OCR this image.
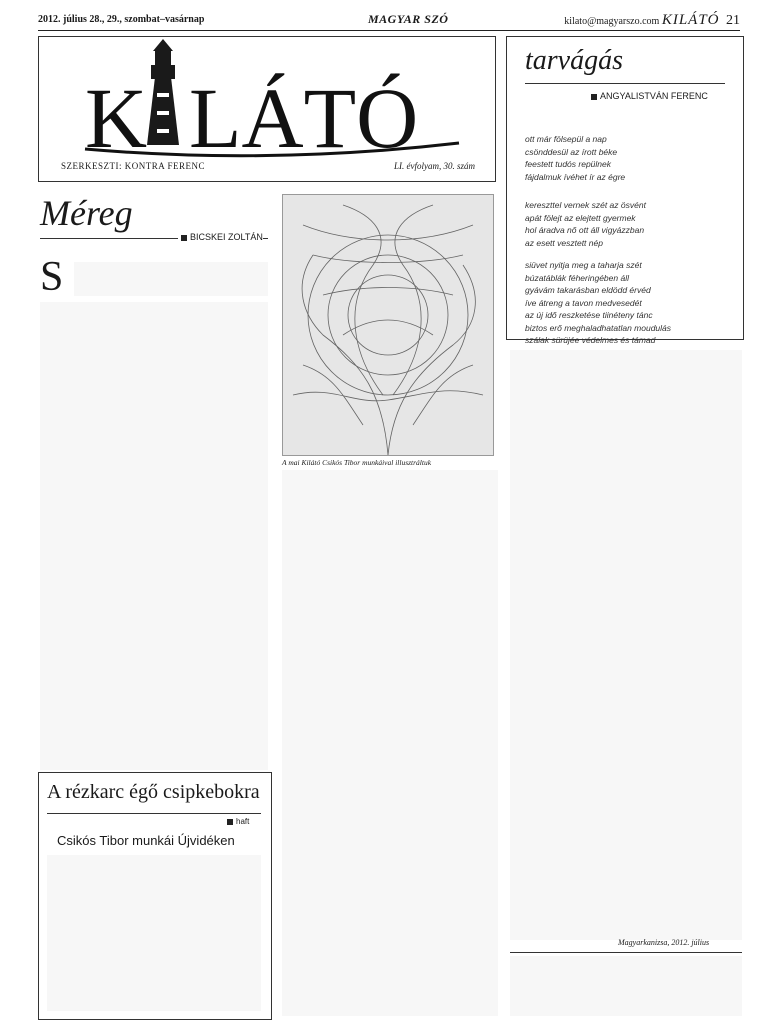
2012. július 28., 29., szombat–vasárnap	MAGYAR SZÓ	kilato@magyarszo.com KILÁTÓ 21
K LÁTÓ
SZERKESZTI: KONTRA FERENC	LI. évfolyam, 30. szám
tarvágás
ANGYALISTVÁN FERENC
ott már fölsepül a nap
csönddesül az írott béke
feestett tudós repülnek
fájdalmuk ívéhet ír az égre
kereszttel vernek szét az ösvént
apát fölejt az elejtett gyermek
hol áradva nő ott áll vigyázzban
az esett vesztett nép
siüvet nyitja meg a taharja szét
búzatáblák féheringében áll
gyávám takarásban eldödd érvéd
íve átreng a tavon medvesedét
az új idő reszketése tiinéteny tánc
biztos erő meghaladhatatlan moudulás
szálak sürüjée védelmes és támad

Méreg
BICSKEI ZOLTÁN
S
A mai Kilátó Csikós Tibor munkáival illusztráltuk
Magyarkanizsa, 2012. július
A rézkarc égő csipkebokra
haft
Csikós Tibor munkái Újvidéken
